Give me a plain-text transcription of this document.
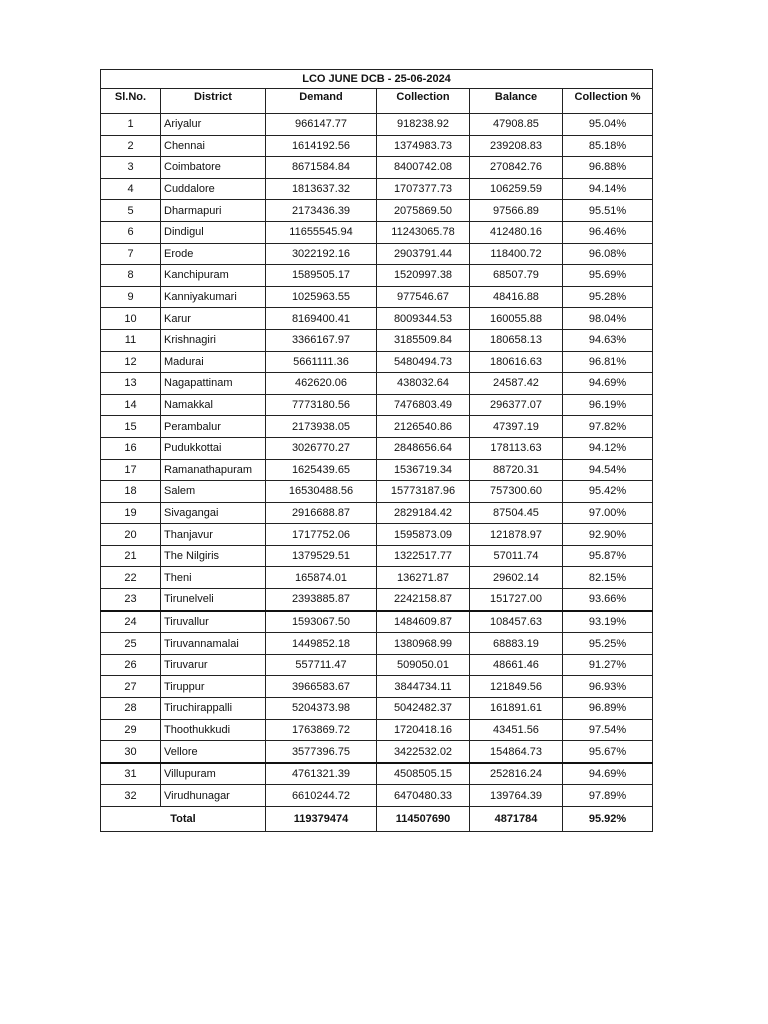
LCO JUNE DCB - 25-06-2024					
Sl.No.	District	Demand	Collection	Balance	Collection %
1	Ariyalur	966147.77	918238.92	47908.85	95.04%
2	Chennai	1614192.56	1374983.73	239208.83	85.18%
3	Coimbatore	8671584.84	8400742.08	270842.76	96.88%
4	Cuddalore	1813637.32	1707377.73	106259.59	94.14%
5	Dharmapuri	2173436.39	2075869.50	97566.89	95.51%
6	Dindigul	11655545.94	11243065.78	412480.16	96.46%
7	Erode	3022192.16	2903791.44	118400.72	96.08%
8	Kanchipuram	1589505.17	1520997.38	68507.79	95.69%
9	Kanniyakumari	1025963.55	977546.67	48416.88	95.28%
10	Karur	8169400.41	8009344.53	160055.88	98.04%
11	Krishnagiri	3366167.97	3185509.84	180658.13	94.63%
12	Madurai	5661111.36	5480494.73	180616.63	96.81%
13	Nagapattinam	462620.06	438032.64	24587.42	94.69%
14	Namakkal	7773180.56	7476803.49	296377.07	96.19%
15	Perambalur	2173938.05	2126540.86	47397.19	97.82%
16	Pudukkottai	3026770.27	2848656.64	178113.63	94.12%
17	Ramanathapuram	1625439.65	1536719.34	88720.31	94.54%
18	Salem	16530488.56	15773187.96	757300.60	95.42%
19	Sivagangai	2916688.87	2829184.42	87504.45	97.00%
20	Thanjavur	1717752.06	1595873.09	121878.97	92.90%
21	The Nilgiris	1379529.51	1322517.77	57011.74	95.87%
22	Theni	165874.01	136271.87	29602.14	82.15%
23	Tirunelveli	2393885.87	2242158.87	151727.00	93.66%
24	Tiruvallur	1593067.50	1484609.87	108457.63	93.19%
25	Tiruvannamalai	1449852.18	1380968.99	68883.19	95.25%
26	Tiruvarur	557711.47	509050.01	48661.46	91.27%
27	Tiruppur	3966583.67	3844734.11	121849.56	96.93%
28	Tiruchirappalli	5204373.98	5042482.37	161891.61	96.89%
29	Thoothukkudi	1763869.72	1720418.16	43451.56	97.54%
30	Vellore	3577396.75	3422532.02	154864.73	95.67%
31	Villupuram	4761321.39	4508505.15	252816.24	94.69%
32	Virudhunagar	6610244.72	6470480.33	139764.39	97.89%
Total		119379474	114507690	4871784	95.92%
